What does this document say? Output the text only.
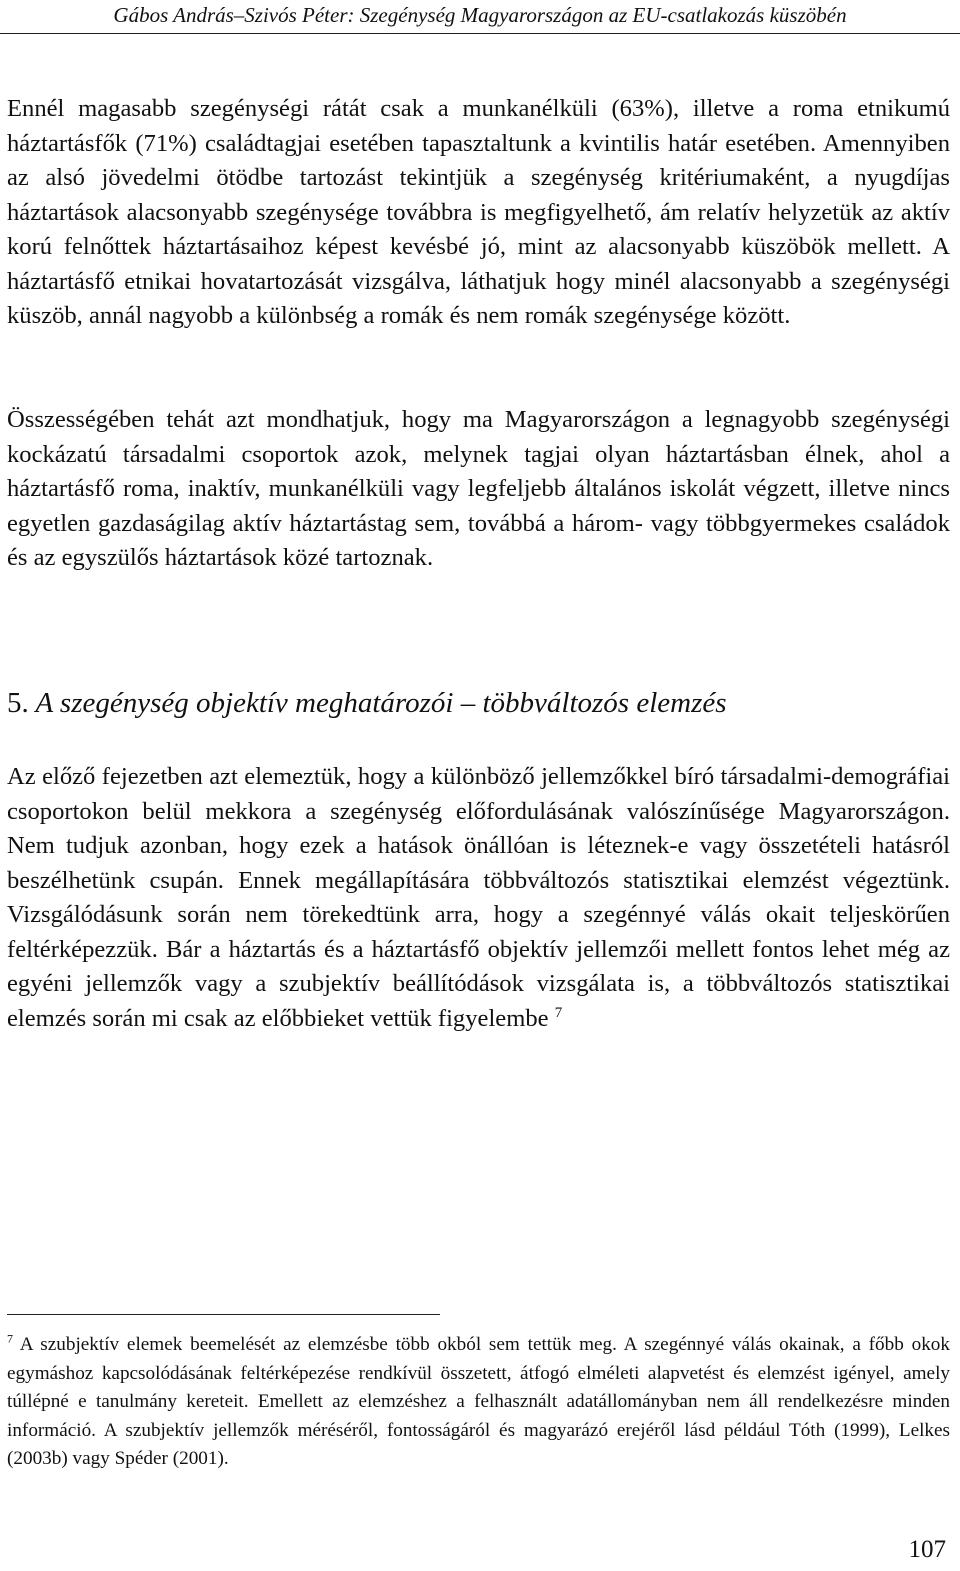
Gábos András–Szivós Péter: Szegénység Magyarországon az EU-csatlakozás küszöbén

Ennél magasabb szegénységi rátát csak a munkanélküli (63%), illetve a roma etnikumú háztartásfők (71%) családtagjai esetében tapasztaltunk a kvintilis határ esetében. Amennyiben az alsó jövedelmi ötödbe tartozást tekintjük a szegénység kritériumaként, a nyugdíjas háztartások alacsonyabb szegénysége továbbra is megfigyelhető, ám relatív helyzetük az aktív korú felnőttek háztartásaihoz képest kevésbé jó, mint az alacsonyabb küszöbök mellett. A háztartásfő etnikai hovatartozását vizsgálva, láthatjuk hogy minél alacsonyabb a szegénységi küszöb, annál nagyobb a különbség a romák és nem romák szegénysége között.

Összességében tehát azt mondhatjuk, hogy ma Magyarországon a legnagyobb szegénységi kockázatú társadalmi csoportok azok, melynek tagjai olyan háztartásban élnek, ahol a háztartásfő roma, inaktív, munkanélküli vagy legfeljebb általános iskolát végzett, illetve nincs egyetlen gazdaságilag aktív háztartástag sem, továbbá a három- vagy többgyermekes családok és az egyszülős háztartások közé tartoznak.

5. A szegénység objektív meghatározói – többváltozós elemzés

Az előző fejezetben azt elemeztük, hogy a különböző jellemzőkkel bíró társadalmi-demográfiai csoportokon belül mekkora a szegénység előfordulásának valószínűsége Magyarországon. Nem tudjuk azonban, hogy ezek a hatások önállóan is léteznek-e vagy összetételi hatásról beszélhetünk csupán. Ennek megállapítására többváltozós statisztikai elemzést végeztünk. Vizsgálódásunk során nem törekedtünk arra, hogy a szegénnyé válás okait teljeskörűen feltérképezzük. Bár a háztartás és a háztartásfő objektív jellemzői mellett fontos lehet még az egyéni jellemzők vagy a szubjektív beállítódások vizsgálata is, a többváltozós statisztikai elemzés során mi csak az előbbieket vettük figyelembe $^7$

$^7$ A szubjektív elemek beemelését az elemzésbe több okból sem tettük meg. A szegénnyé válás okainak, a főbb okok egymáshoz kapcsolódásának feltérképezése rendkívül összetett, átfogó elméleti alapvetést és elemzést igényel, amely túllépné e tanulmány kereteit. Emellett az elemzéshez a felhasznált adatállományban nem áll rendelkezésre minden információ. A szubjektív jellemzők méréséről, fontosságáról és magyarázó erejéről lásd például Tóth (1999), Lelkes (2003b) vagy Spéder (2001).

107
